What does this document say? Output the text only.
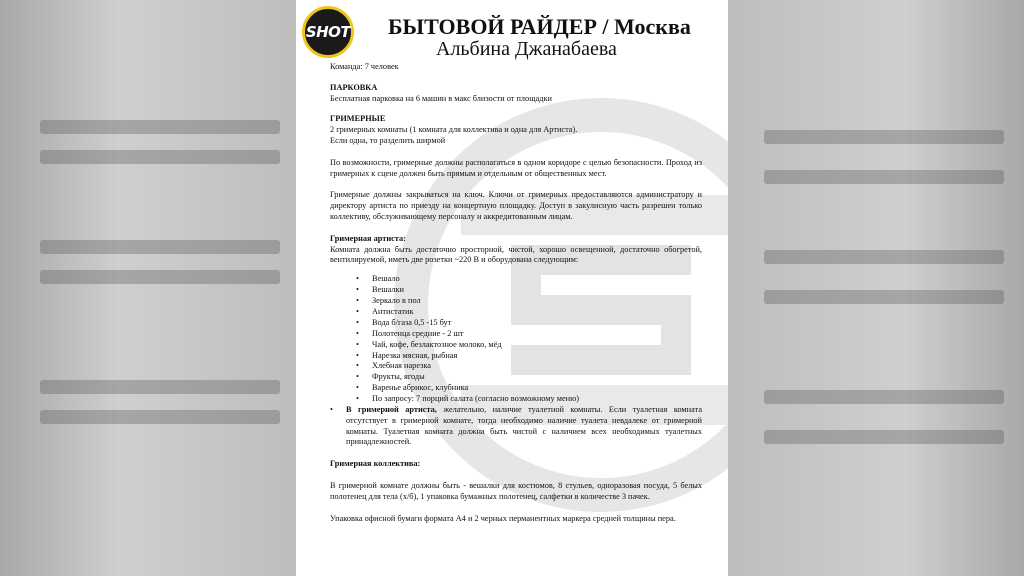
SHOT БЫТОВОЙ РАЙДЕР / Москва
Альбина Джанабаева

Команда: 7 человек

ПАРКОВКА

Бесплатная парковка на 6 машин в макс близости от площадки

ГРИМЕРНЫЕ

2 гримерных комнаты (1 комната для коллектива и одна для Артиста).

Если одна, то разделить ширмой

По возможности, гримерные должны располагаться в одном коридоре с целью безопасности. Проход из гримерных к сцене должен быть прямым и отдельным от общественных мест.

Гримерные должны закрываться на ключ. Ключи от гримерных предоставляются администратору и директору артиста по приезду на концертную площадку. Доступ в закулисную часть разрешен только коллективу, обслуживающему персоналу и аккредитованным лицам.

Гримерная артиста:

Комната должна быть достаточно просторной, чистой, хорошо освещенной, достаточно обогретой, вентилируемой, иметь две розетки ~220 В и оборудована следующим:

• Вешало
• Вешалки
• Зеркало в пол
• Антистатик
• Вода б/газа 0,5 -15 бут
• Полотенца средние - 2 шт
• Чай, кофе, безлактозное молоко, мёд
• Нарезка мясная, рыбная
• Хлебная нарезка
• Фрукты, ягоды
• Варенье абрикос, клубника
• По запросу: 7 порций салата (согласно возможному меню)

• В гримерной артиста, желательно, наличие туалетной комнаты. Если туалетная комната отсутствует в гримерной комнате, тогда необходимо наличие туалета невдалеке от гримерной комнаты. Туалетная комната должна быть чистой с наличием всех необходимых туалетных принадлежностей.

Гримерная коллектива:

В гримерной комнате должны быть - вешалки для костюмов, 8 стульев, одноразовая посуда, 5 белых полотенец для тела (х/б), 1 упаковка бумажных полотенец, салфетки в количестве 3 пачек.

Упаковка офисной бумаги формата А4 и 2 черных перманентных маркера средней толщины пера.
